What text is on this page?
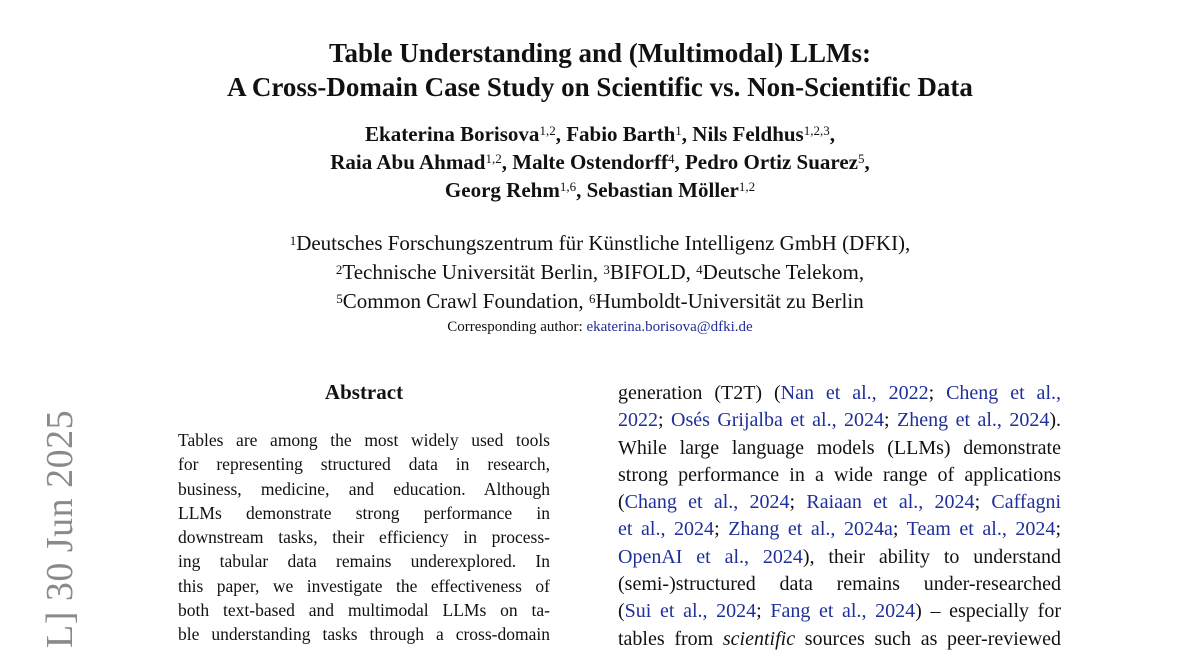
L] 30 Jun 2025
Table Understanding and (Multimodal) LLMs:
A Cross-Domain Case Study on Scientific vs. Non-Scientific Data
Ekaterina Borisova$^{1,2}$, Fabio Barth$^1$, Nils Feldhus$^{1,2,3}$,
Raia Abu Ahmad$^{1,2}$, Malte Ostendorff$^4$, Pedro Ortiz Suarez$^5$,
Georg Rehm$^{1,6}$, Sebastian Möller$^{1,2}$
$^1$Deutsches Forschungszentrum für Künstliche Intelligenz GmbH (DFKI),
$^2$Technische Universität Berlin, $^3$BIFOLD, $^4$Deutsche Telekom,
$^5$Common Crawl Foundation, $^6$Humboldt-Universität zu Berlin
Corresponding author: ekaterina.borisova@dfki.de
Abstract
Tables are among the most widely used tools
for representing structured data in research,
business, medicine, and education. Although
LLMs demonstrate strong performance in
downstream tasks, their efficiency in process-
ing tabular data remains underexplored. In
this paper, we investigate the effectiveness of
both text-based and multimodal LLMs on ta-
ble understanding tasks through a cross-domain
generation (T2T) (Nan et al., 2022; Cheng et al.,
2022; Osés Grijalba et al., 2024; Zheng et al., 2024).
While large language models (LLMs) demonstrate
strong performance in a wide range of applications
(Chang et al., 2024; Raiaan et al., 2024; Caffagni
et al., 2024; Zhang et al., 2024a; Team et al., 2024;
OpenAI et al., 2024), their ability to understand
(semi-)structured data remains under-researched
(Sui et al., 2024; Fang et al., 2024) – especially for
tables from scientific sources such as peer-reviewed
